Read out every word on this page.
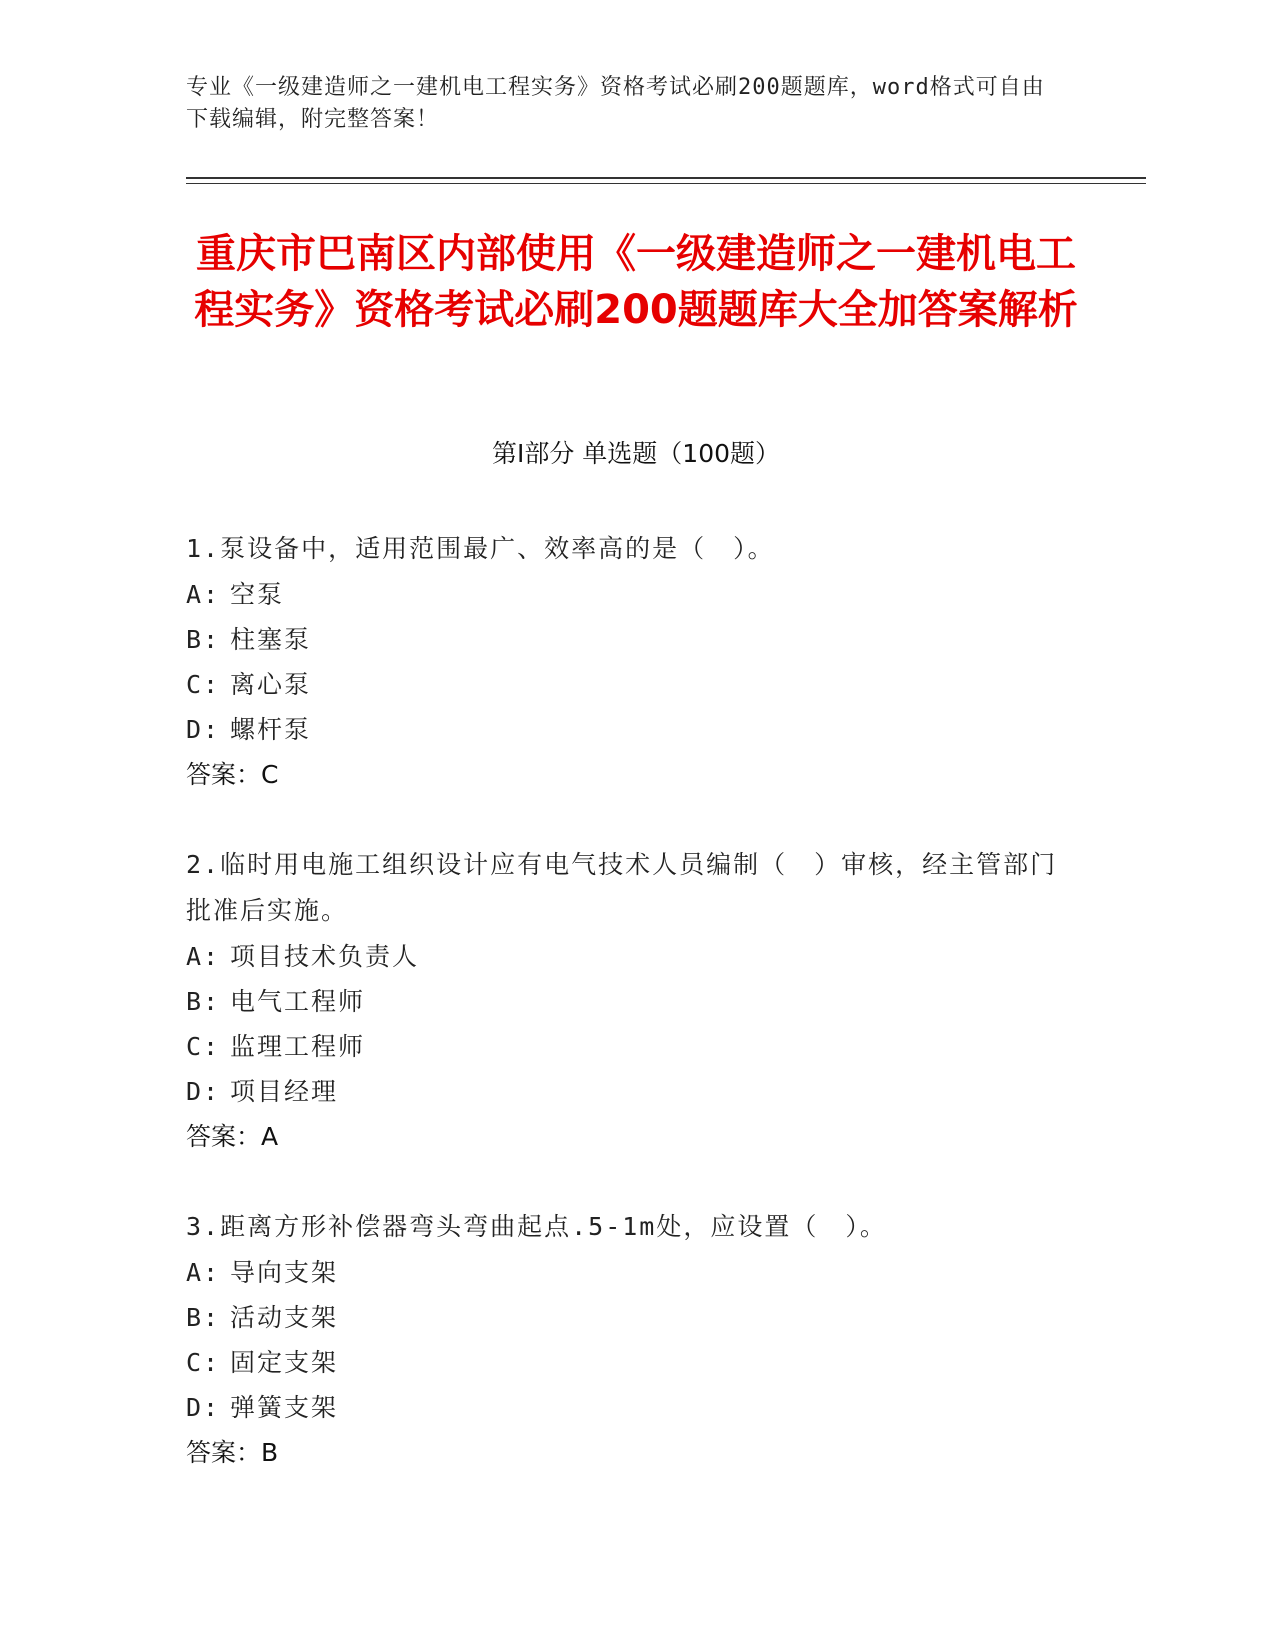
专业《一级建造师之一建机电工程实务》资格考试必刷200题题库，word格式可自由下载编辑，附完整答案！
重庆市巴南区内部使用《一级建造师之一建机电工程实务》资格考试必刷200题题库大全加答案解析
第I部分 单选题（100题）

1.泵设备中，适用范围最广、效率高的是（　）。

A: 空泵
B: 柱塞泵
C: 离心泵
D: 螺杆泵

答案：C

2.临时用电施工组织设计应有电气技术人员编制（　）审核，经主管部门批准后实施。

A: 项目技术负责人
B: 电气工程师
C: 监理工程师
D: 项目经理

答案：A

3.距离方形补偿器弯头弯曲起点.5-1m处，应设置（　）。

A: 导向支架
B: 活动支架
C: 固定支架
D: 弹簧支架

答案：B
